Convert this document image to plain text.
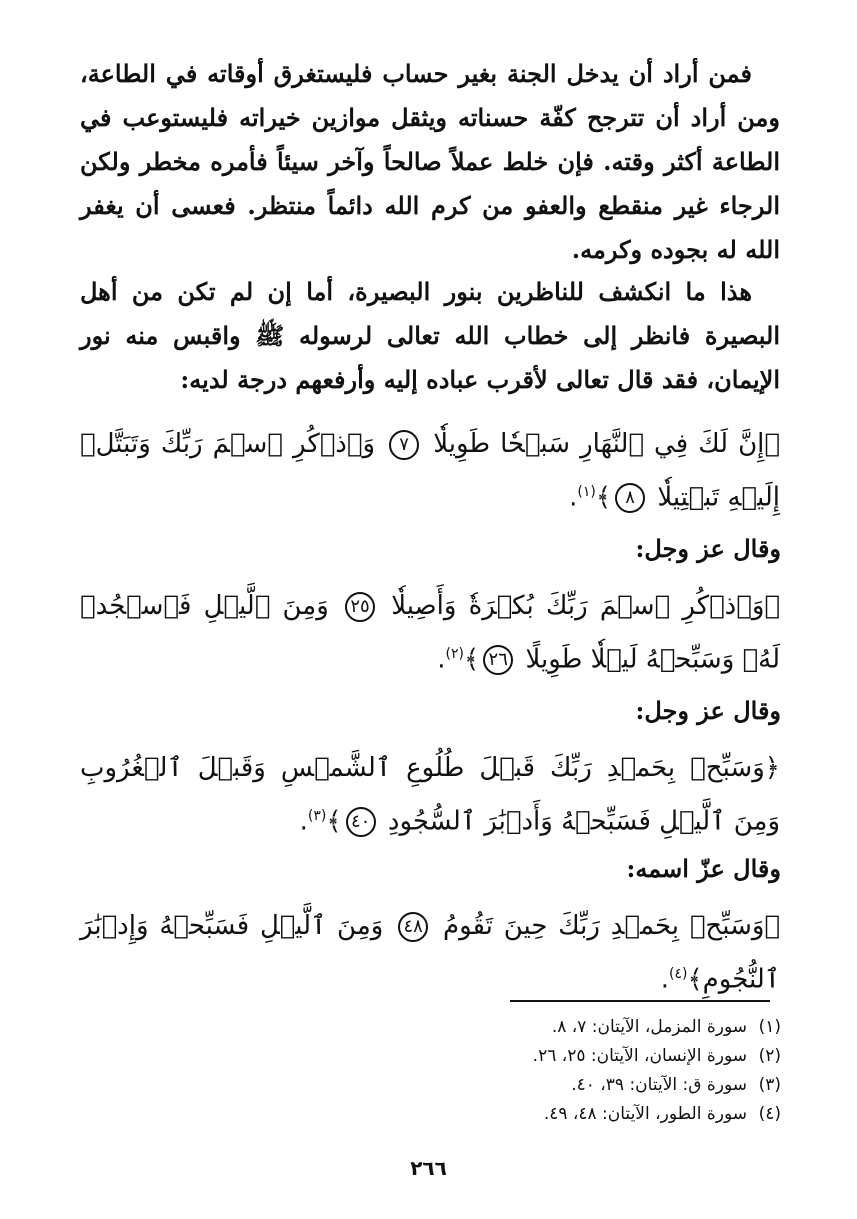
فمن أراد أن يدخل الجنة بغير حساب فليستغرق أوقاته في الطاعة، ومن أراد أن تترجح كفّة حسناته ويثقل موازين خيراته فليستوعب في الطاعة أكثر وقته. فإن خلط عملاً صالحاً وآخر سيئاً فأمره مخطر ولكن الرجاء غير منقطع والعفو من كرم الله دائماً منتظر. فعسى أن يغفر الله له بجوده وكرمه.
هذا ما انكشف للناظرين بنور البصيرة، أما إن لم تكن من أهل البصيرة فانظر إلى خطاب الله تعالى لرسوله ﷺ واقبس منه نور الإيمان، فقد قال تعالى لأقرب عباده إليه وأرفعهم درجة لديه:
﴿إِنَّ لَكَ فِي ٱلنَّهَارِ سَبۡحٗا طَوِيلٗا ٧ وَٱذۡكُرِ ٱسۡمَ رَبِّكَ وَتَبَتَّلۡ إِلَيۡهِ تَبۡتِيلٗا ٨﴾$^{(١)}$.
وقال عز وجل:
﴿وَٱذۡكُرِ ٱسۡمَ رَبِّكَ بُكۡرَةٗ وَأَصِيلٗا ٢٥ وَمِنَ ٱلَّيۡلِ فَٱسۡجُدۡ لَهُۥ وَسَبِّحۡهُ لَيۡلٗا طَوِيلًا ٢٦﴾$^{(٢)}$.
وقال عز وجل:
﴿وَسَبِّحۡ بِحَمۡدِ رَبِّكَ قَبۡلَ طُلُوعِ ٱلشَّمۡسِ وَقَبۡلَ ٱلۡغُرُوبِ وَمِنَ ٱلَّيۡلِ فَسَبِّحۡهُ وَأَدۡبَٰرَ ٱلسُّجُودِ ٤٠﴾$^{(٣)}$.
وقال عزّ اسمه:
﴿وَسَبِّحۡ بِحَمۡدِ رَبِّكَ حِينَ تَقُومُ ٤٨ وَمِنَ ٱلَّيۡلِ فَسَبِّحۡهُ وَإِدۡبَٰرَ ٱلنُّجُومِ﴾$^{(٤)}$.
(١)سورة المزمل، الآيتان: ٧، ٨.
(٢)سورة الإنسان، الآيتان: ٢٥، ٢٦.
(٣)سورة ق: الآيتان: ٣٩، ٤٠.
(٤)سورة الطور، الآيتان: ٤٨، ٤٩.
٢٦٦
